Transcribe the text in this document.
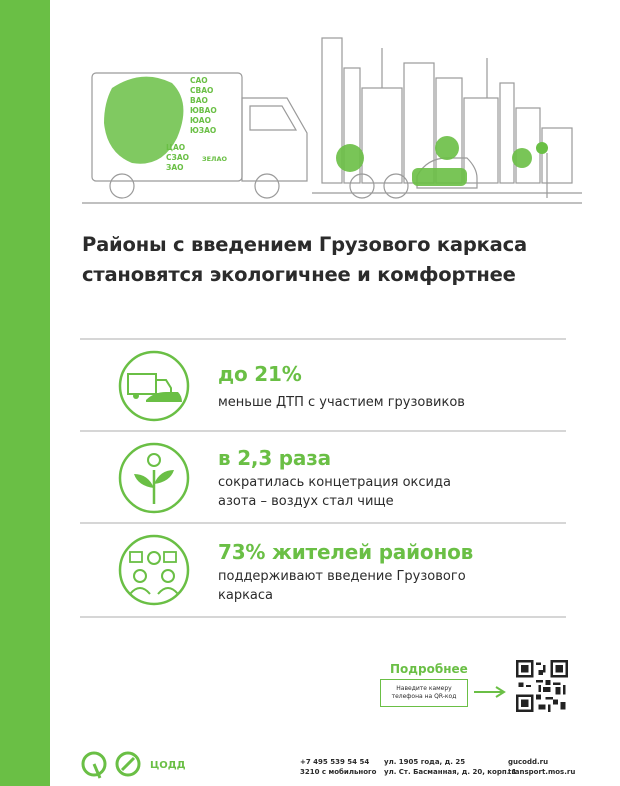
САО
СВАО
ВАО
ЮВАО
ЮАО
ЮЗАО
ЦАО
СЗАО
ЗАО
ЗЕЛАО
Районы с введением Грузового каркаса
становятся экологичнее и комфортнее
до 21%
меньше ДТП с участием грузовиков
в 2,3 раза
сократилась концетрация оксида
азота – воздух стал чище
73% жителей районов
поддерживают введение Грузового
каркаса
Подробнее
Наведите камеру
телефона на QR-код
ЦОДД	+7 495 539 54 54
3210 с мобильного
ул. 1905 года, д. 25
ул. Ст. Басманная, д. 20, корп. 1
gucodd.ru
transport.mos.ru
